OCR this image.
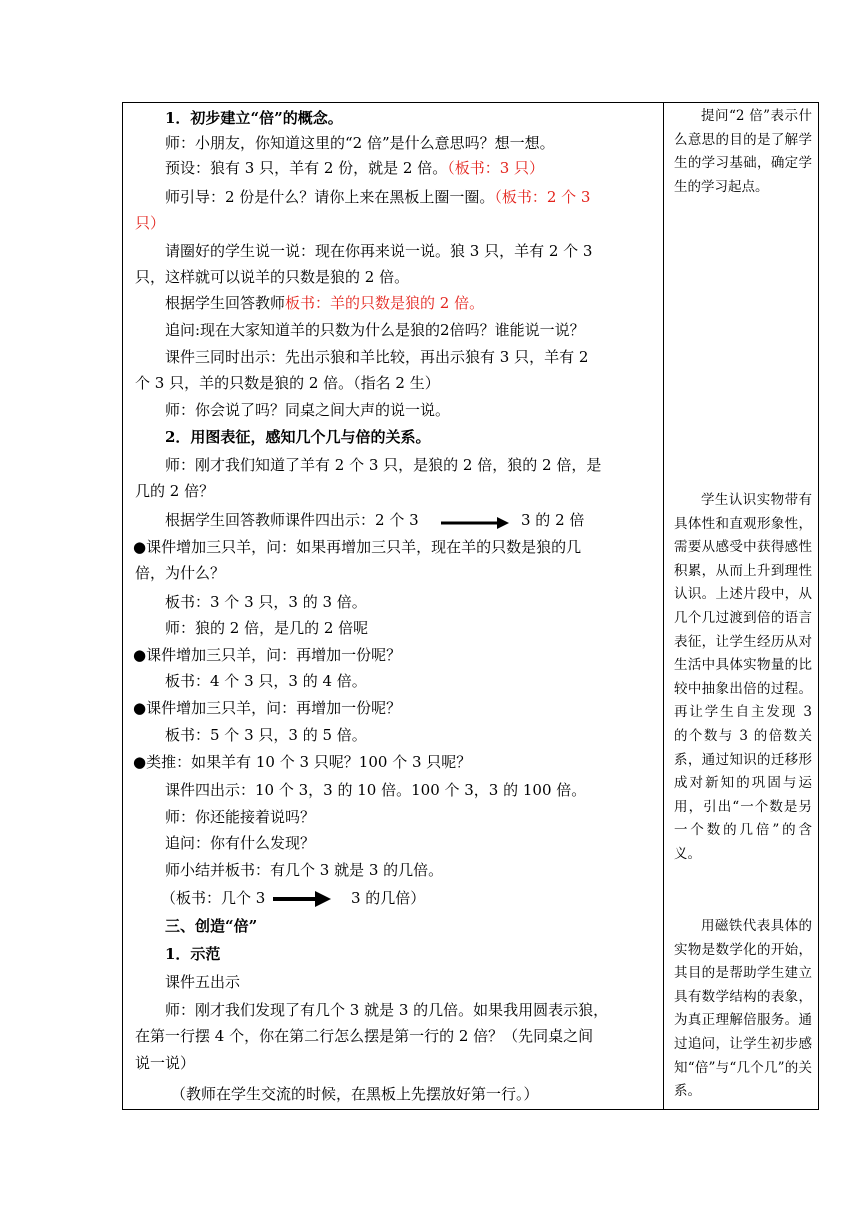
1．初步建立“倍”的概念。
师：小朋友，你知道这里的“2 倍”是什么意思吗？想一想。
预设：狼有 3 只，羊有 2 份，就是 2 倍。（板书：3 只）
师引导：2 份是什么？请你上来在黑板上圈一圈。（板书：2 个 3
只）
请圈好的学生说一说：现在你再来说一说。狼 3 只，羊有 2 个 3
只，这样就可以说羊的只数是狼的 2 倍。
根据学生回答教师板书：羊的只数是狼的 2 倍。
追问:现在大家知道羊的只数为什么是狼的2倍吗？谁能说一说？
课件三同时出示：先出示狼和羊比较，再出示狼有 3 只，羊有 2
个 3 只，羊的只数是狼的 2 倍。（指名 2 生）
师：你会说了吗？同桌之间大声的说一说。
2．用图表征，感知几个几与倍的关系。
师：刚才我们知道了羊有 2 个 3 只，是狼的 2 倍，狼的 2 倍，是
几的 2 倍？
根据学生回答教师课件四出示：2 个 3	3 的 2 倍
●课件增加三只羊，问：如果再增加三只羊，现在羊的只数是狼的几
倍，为什么？
板书：3 个 3 只，3 的 3 倍。
师：狼的 2 倍，是几的 2 倍呢
●课件增加三只羊，问：再增加一份呢？
板书：4 个 3 只，3 的 4 倍。
●课件增加三只羊，问：再增加一份呢？
板书：5 个 3 只，3 的 5 倍。
●类推：如果羊有 10 个 3 只呢？100 个 3 只呢？
课件四出示：10 个 3，3 的 10 倍。100 个 3，3 的 100 倍。
师：你还能接着说吗？
追问：你有什么发现？
师小结并板书：有几个 3 就是 3 的几倍。
（板书：几个 3	3 的几倍）
三、创造“倍”
1．示范
课件五出示
师：刚才我们发现了有几个 3 就是 3 的几倍。如果我用圆表示狼，
在第一行摆 4 个，你在第二行怎么摆是第一行的 2 倍？（先同桌之间
说一说）
（教师在学生交流的时候，在黑板上先摆放好第一行。）
提问“2 倍”表示什么意思的目的是了解学生的学习基础，确定学生的学习起点。
学生认识实物带有具体性和直观形象性，需要从感受中获得感性积累，从而上升到理性认识。上述片段中，从几个几过渡到倍的语言表征，让学生经历从对生活中具体实物量的比较中抽象出倍的过程。再让学生自主发现 3 的个数与 3 的倍数关系，通过知识的迁移形成对新知的巩固与运用，引出“一个数是另一个数的几倍”的含义。
用磁铁代表具体的实物是数学化的开始，其目的是帮助学生建立具有数学结构的表象，为真正理解倍服务。通过追问，让学生初步感知“倍”与“几个几”的关系。
